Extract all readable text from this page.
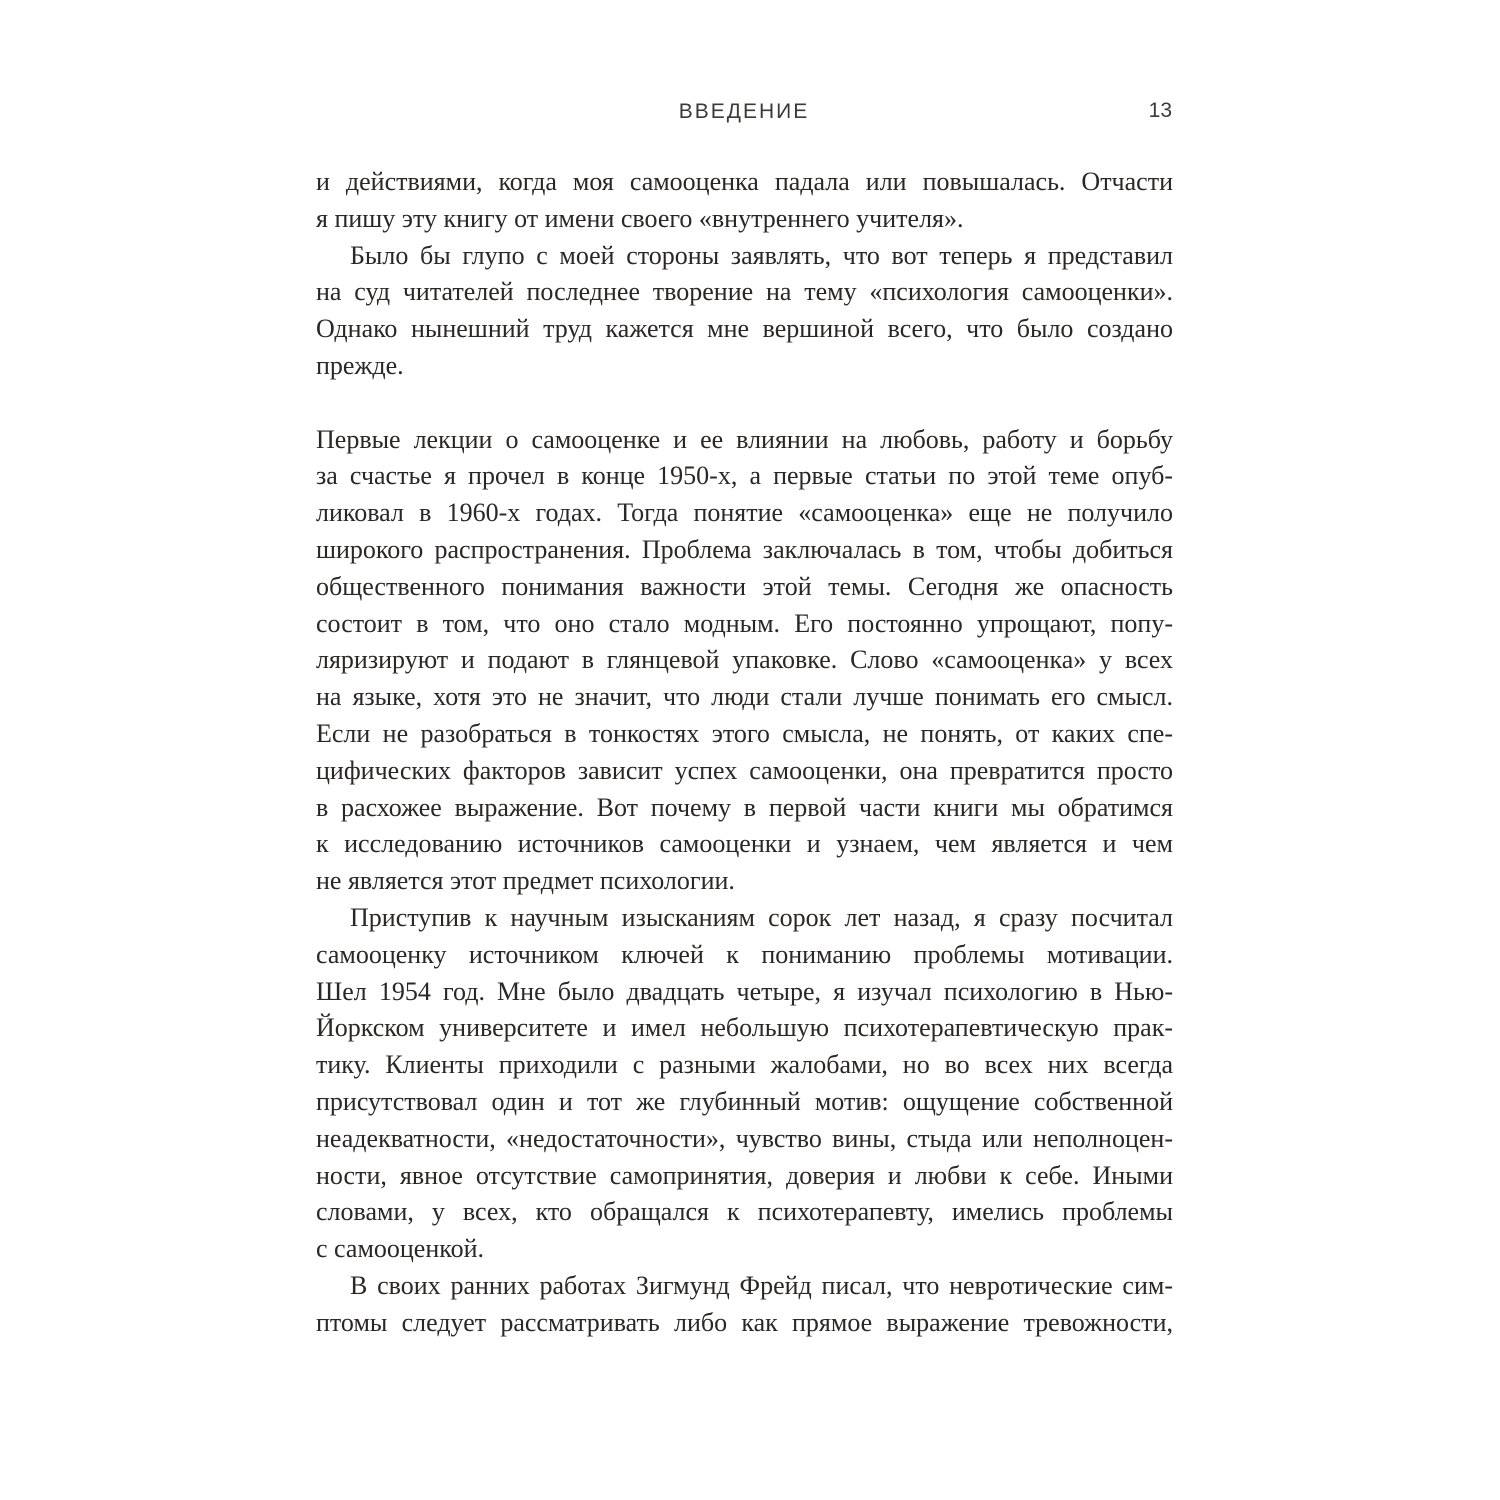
ВВЕДЕНИЕ	13

и действиями, когда моя самооценка падала или повышалась. Отчасти

я пишу эту книгу от имени своего «внутреннего учителя».

Было бы глупо с моей стороны заявлять, что вот теперь я представил

на суд читателей последнее творение на тему «психология самооценки».

Однако нынешний труд кажется мне вершиной всего, что было создано

прежде.

Первые лекции о самооценке и ее влиянии на любовь, работу и борьбу

за счастье я прочел в конце 1950-х, а первые статьи по этой теме опуб-

ликовал в 1960-х годах. Тогда понятие «самооценка» еще не получило

широкого распространения. Проблема заключалась в том, чтобы добиться

общественного понимания важности этой темы. Сегодня же опасность

состоит в том, что оно стало модным. Его постоянно упрощают, попу-

ляризируют и подают в глянцевой упаковке. Слово «самооценка» у всех

на языке, хотя это не значит, что люди стали лучше понимать его смысл.

Если не разобраться в тонкостях этого смысла, не понять, от каких спе-

цифических факторов зависит успех самооценки, она превратится просто

в расхожее выражение. Вот почему в первой части книги мы обратимся

к исследованию источников самооценки и узнаем, чем является и чем

не является этот предмет психологии.

Приступив к научным изысканиям сорок лет назад, я сразу посчитал

самооценку источником ключей к пониманию проблемы мотивации.

Шел 1954 год. Мне было двадцать четыре, я изучал психологию в Нью-

Йоркском университете и имел небольшую психотерапевтическую прак-

тику. Клиенты приходили с разными жалобами, но во всех них всегда

присутствовал один и тот же глубинный мотив: ощущение собственной

неадекватности, «недостаточности», чувство вины, стыда или неполноцен-

ности, явное отсутствие самопринятия, доверия и любви к себе. Иными

словами, у всех, кто обращался к психотерапевту, имелись проблемы

с самооценкой.

В своих ранних работах Зигмунд Фрейд писал, что невротические сим-

птомы следует рассматривать либо как прямое выражение тревожности,
